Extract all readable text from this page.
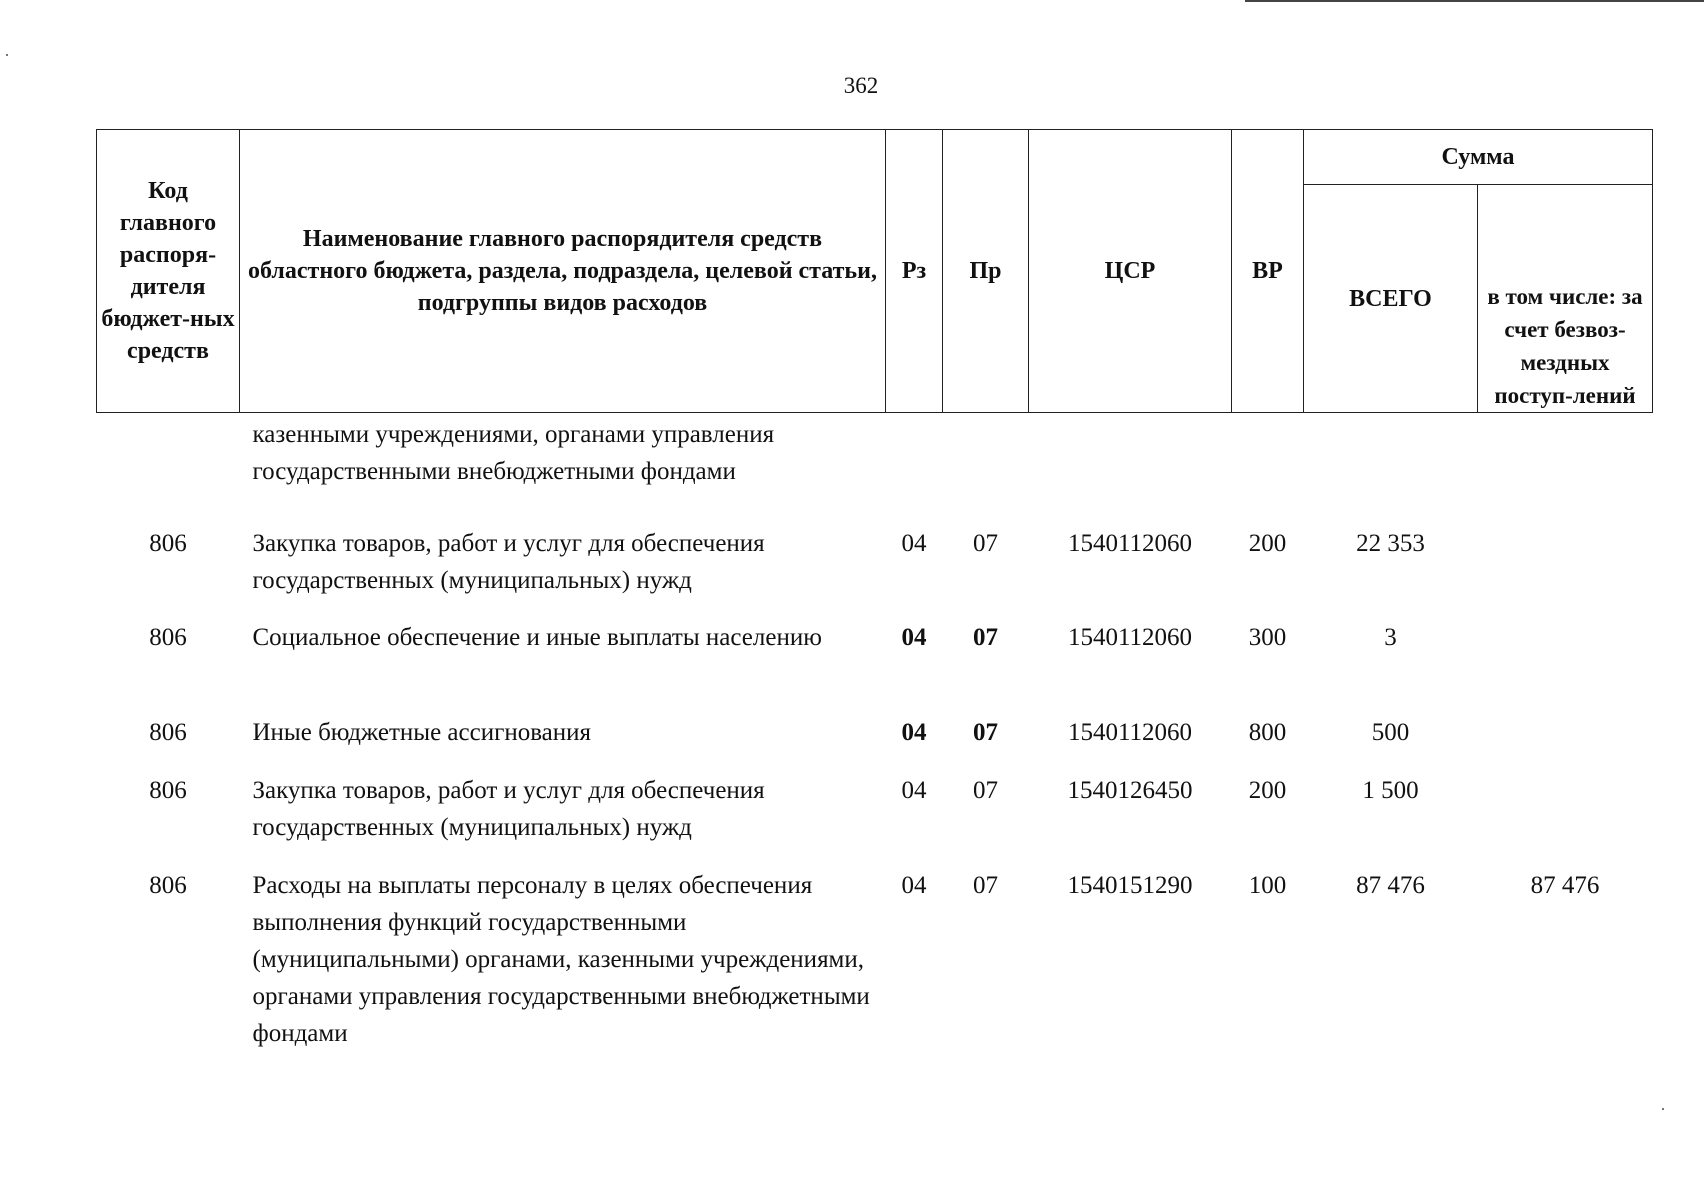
362
Код главного распоря-дителя бюджет-ных средств	Наименование главного распорядителя средств областного бюджета, раздела, подраздела, целевой статьи, подгруппы видов расходов	Рз	Пр	ЦСР	ВР	Сумма	
						ВСЕГО	в том числе: за счет безвоз-мездных поступ-лений
	казенными учреждениями, органами управления государственными внебюджетными фондами						
806	Закупка товаров, работ и услуг для обеспечения государственных (муниципальных) нужд	04	07	1540112060	200	22 353	
806	Социальное обеспечение и иные выплаты населению	04	07	1540112060	300	3	
806	Иные бюджетные ассигнования	04	07	1540112060	800	500	
806	Закупка товаров, работ и услуг для обеспечения государственных (муниципальных) нужд	04	07	1540126450	200	1 500	
806	Расходы на выплаты персоналу в целях обеспечения выполнения функций государственными (муниципальными) органами, казенными учреждениями, органами управления государственными внебюджетными фондами	04	07	1540151290	100	87 476	87 476
